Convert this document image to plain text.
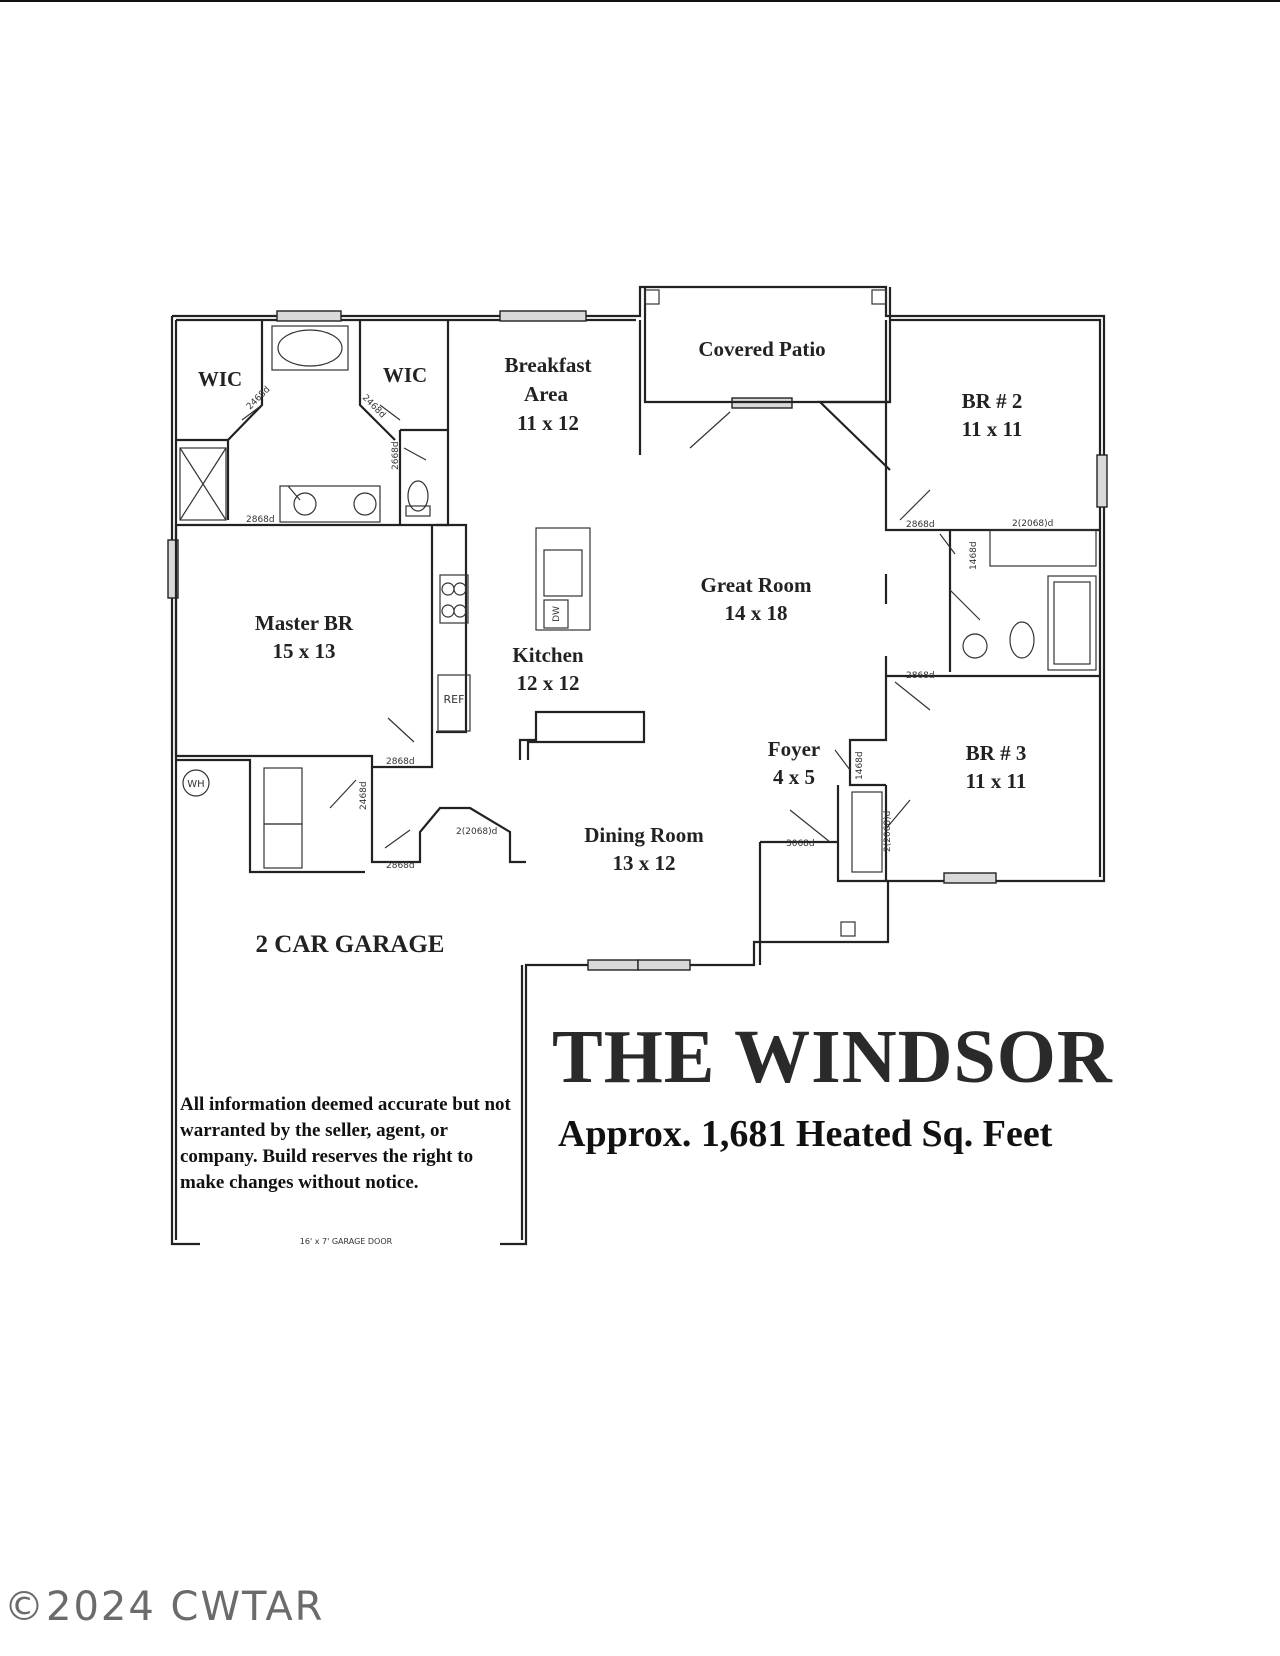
WIC	WIC	Breakfast
Area
11 x 12
Covered Patio
BR # 2
11 x 11
Master BR
15 x 13	Kitchen
12 x 12
Great Room
14 x 18
Foyer
4 x 5
BR # 3
11 x 11
Dining Room
13 x 12
2 CAR GARAGE
REF
WH
DW
2468d	2468d
2668d
2868d
2868d
2468d
2868d
2(2068)d
2868d	2(2068)d
1468d
2868d
1468d
3068d	2(2068)d
16' x 7' GARAGE DOOR
THE WINDSOR
Approx. 1,681 Heated Sq. Feet

All information deemed accurate but not warranted by the seller, agent, or company. Build reserves the right to make changes without notice.

©2024 CWTAR
